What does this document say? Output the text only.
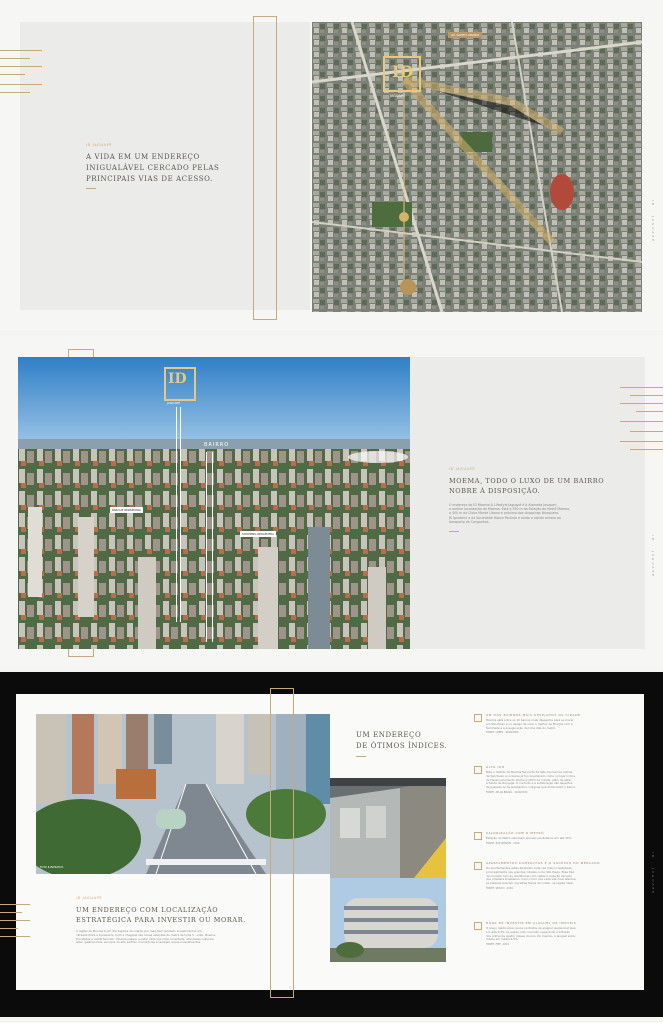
ID JAGUAPÉ
A VIDA EM UM ENDEREÇO
INIGUALÁVEL CERCADO PELAS
PRINCIPAIS VIAS DE ACESSO.
ID
JAGUAPÉ
AV. SANTO AMARO
ID · JAGUAPÉ
ID
JAGUAPÉ
BAIRRO
PARQUE IBIRAPUERA
SHOPPING IBIRAPUERA
ID JAGUAPÉ
MOEMA, TODO O LUXO DE UM BAIRRO
NOBRE À DISPOSIÇÃO.
O endereço do ID Moema & Lifestyle Jaguapé é à Alameda Jauaperi,
a melhor localização de Moema. Está a 350 m da Estação do Metrô Moema,
a 400 m do Clube Monte Líbano e próximo dos shoppings Ibirapuera,
JK Iguatemi e da Sociedade Hípica Paulista e ainda a rápido acesso ao
Aeroporto de Congonhas.
ID · JAGUAPÉ
FOTO ILUSTRATIVA
ID JAGUAPÉ
UM ENDEREÇO COM LOCALIZAÇÃO
ESTRATÉGICA PARA INVESTIR OU MORAR.
A região de Moema é um dos lugares da cidade que mais tem recebido investimentos em
infraestrutura e transporte. Com a chegada das novas estações de metrô da linha 5 - Lilás, Moema,
Eucaliptos e AACD Servidor, Moema passou a estar cada vez mais conectada, atividades culturais,
lazer, gastronomia, serviços de alto padrão, mercadores e também novos investimentos.
UM ENDEREÇO
DE ÓTIMOS ÍNDICES.
UM DOS BAIRROS MAIS DESEJADOS DA CIDADE
Moema está entre os 10 bairros mais desejados para se morar
em São Paulo e no desejo de viver o melhor de Moema com a
facilidade e a inauguração da linha lilás do metrô.
FONTE: LOPES · 2019/2020
ALTO IDH
Mais o distrito de Moema faz parte da lista dos bairros nobres
de São Paulo e inclusive já foi considerado como o maior Índice
de Desenvolvimento Humano (IDH) da cidade, além de estar
à frente da Noruega. O conforto e a sofisticação são aspectos
de pessoas os de substantivo indígena que dominaram o bairro.
FONTE: ATLAS BRASIL · 2010/2013
VALORIZAÇÃO COM O METRÔ
Estação do Metrô valorizam imóveis paulistanos em até 30%.
FONTE: ZAP IMÓVEIS · 2019
APARTAMENTOS COMPACTOS E O SUCESSO DO MERCADO
Os apartamentos estão atrelados cada vez mais investidores,
principalmente nas grandes cidades como São Paulo. Esse tipo
de morador tem as residências com vistas à redução de tudo
dos cidadãos brasileiros. Com o foco dos cada vez mais atentos,
as pessoas buscam moradias fáceis de cuidar, na região ideal.
FONTE: SECOVI · 2019
HORA DE INVESTIR EM ALUGUEL DE IMÓVEIS
O preço médio para novos contratos de aluguel residencial teve
um alta 0,3% na queda. Isto concreto, superando a inflação
dos primeiros quatro meses do ano. Do mesmo, o aluguel subiu
média em média 2,5%.
FONTE: FIPE · 2019
ID · JAGUAPÉ
